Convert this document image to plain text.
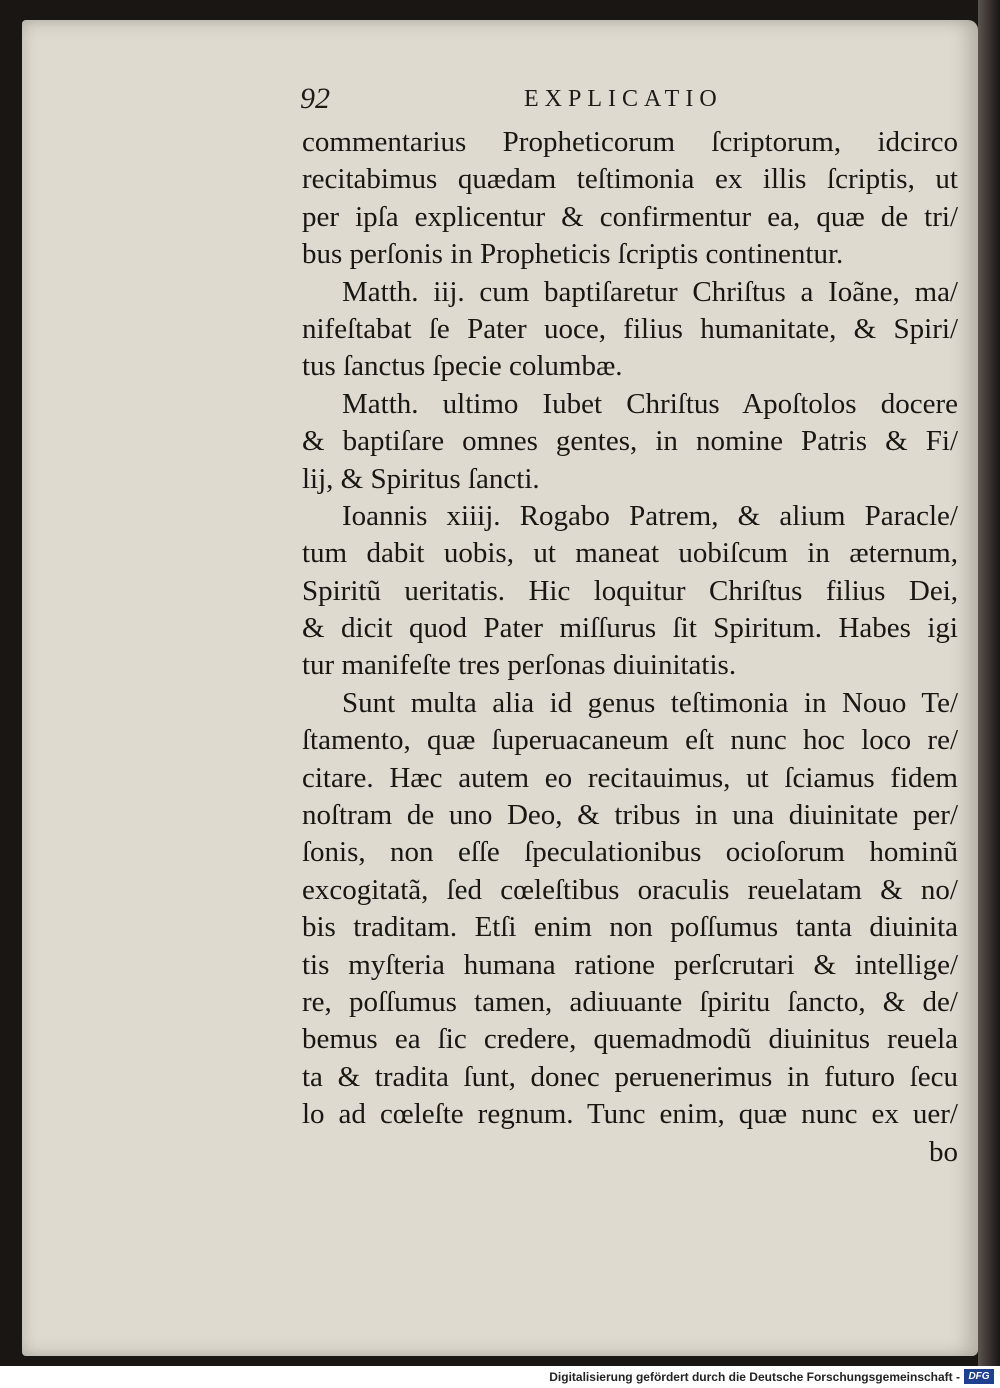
92	EXPLICATIO
commentarius Propheticorum ſcriptorum, idcirco
recitabimus quædam teſtimonia ex illis ſcriptis, ut
per ipſa explicentur & confirmentur ea, quæ de tri/
bus perſonis in Propheticis ſcriptis continentur.
Matth. iij. cum baptiſaretur Chriſtus a Ioãne, ma/
nifeſtabat ſe Pater uoce, filius humanitate, & Spiri/
tus ſanctus ſpecie columbæ.
Matth. ultimo Iubet Chriſtus Apoſtolos docere
& baptiſare omnes gentes, in nomine Patris & Fi/
lij, & Spiritus ſancti.
Ioannis xiiij. Rogabo Patrem, & alium Paracle/
tum dabit uobis, ut maneat uobiſcum in æternum,
Spiritũ ueritatis. Hic loquitur Chriſtus filius Dei,
& dicit quod Pater miſſurus ſit Spiritum. Habes igi
tur manifeſte tres perſonas diuinitatis.
Sunt multa alia id genus teſtimonia in Nouo Te/
ſtamento, quæ ſuperuacaneum eſt nunc hoc loco re/
citare. Hæc autem eo recitauimus, ut ſciamus fidem
noſtram de uno Deo, & tribus in una diuinitate per/
ſonis, non eſſe ſpeculationibus ocioſorum hominũ
excogitatã, ſed cœleſtibus oraculis reuelatam & no/
bis traditam. Etſi enim non poſſumus tanta diuinita
tis myſteria humana ratione perſcrutari & intellige/
re, poſſumus tamen, adiuuante ſpiritu ſancto, & de/
bemus ea ſic credere, quemadmodũ diuinitus reuela
ta & tradita ſunt, donec peruenerimus in futuro ſecu
lo ad cœleſte regnum. Tunc enim, quæ nunc ex uer/
bo
Digitalisierung gefördert durch die Deutsche Forschungsgemeinschaft - DFG
